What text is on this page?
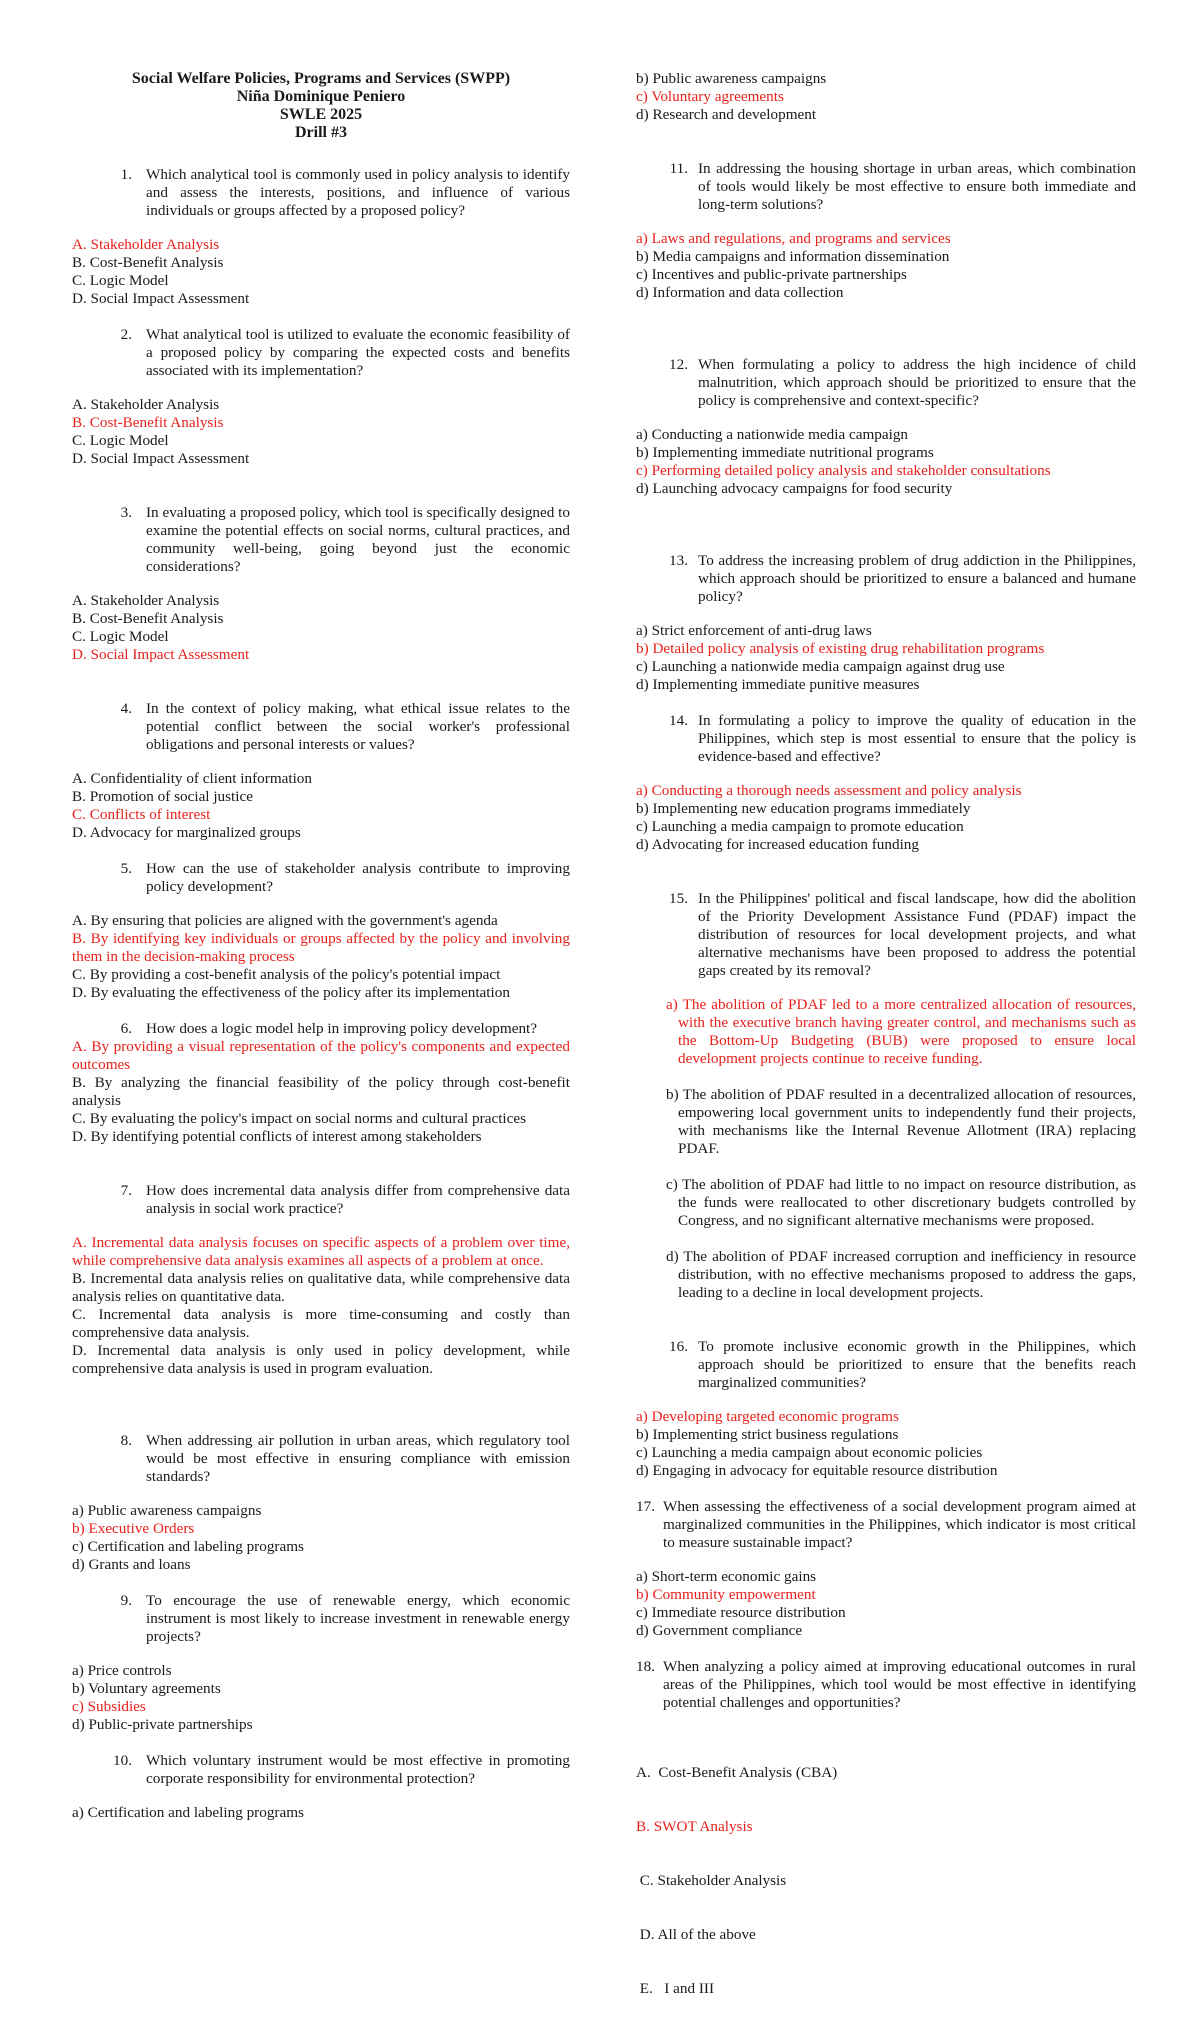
Social Welfare Policies, Programs and Services (SWPP)
Niña Dominique Peniero
SWLE 2025
Drill #3
1. Which analytical tool is commonly used in policy analysis to identify and assess the interests, positions, and influence of various individuals or groups affected by a proposed policy?
A. Stakeholder Analysis
B. Cost-Benefit Analysis
C. Logic Model
D. Social Impact Assessment
2. What analytical tool is utilized to evaluate the economic feasibility of a proposed policy by comparing the expected costs and benefits associated with its implementation?
A. Stakeholder Analysis
B. Cost-Benefit Analysis
C. Logic Model
D. Social Impact Assessment
3. In evaluating a proposed policy, which tool is specifically designed to examine the potential effects on social norms, cultural practices, and community well-being, going beyond just the economic considerations?
A. Stakeholder Analysis
B. Cost-Benefit Analysis
C. Logic Model
D. Social Impact Assessment
4. In the context of policy making, what ethical issue relates to the potential conflict between the social worker's professional obligations and personal interests or values?
A. Confidentiality of client information
B. Promotion of social justice
C. Conflicts of interest
D. Advocacy for marginalized groups
5. How can the use of stakeholder analysis contribute to improving policy development?
A. By ensuring that policies are aligned with the government's agenda
B. By identifying key individuals or groups affected by the policy and involving them in the decision-making process
C. By providing a cost-benefit analysis of the policy's potential impact
D. By evaluating the effectiveness of the policy after its implementation
6. How does a logic model help in improving policy development?
A. By providing a visual representation of the policy's components and expected outcomes
B. By analyzing the financial feasibility of the policy through cost-benefit analysis
C. By evaluating the policy's impact on social norms and cultural practices
D. By identifying potential conflicts of interest among stakeholders
7. How does incremental data analysis differ from comprehensive data analysis in social work practice?
A. Incremental data analysis focuses on specific aspects of a problem over time, while comprehensive data analysis examines all aspects of a problem at once.
B. Incremental data analysis relies on qualitative data, while comprehensive data analysis relies on quantitative data.
C. Incremental data analysis is more time-consuming and costly than comprehensive data analysis.
D. Incremental data analysis is only used in policy development, while comprehensive data analysis is used in program evaluation.
8. When addressing air pollution in urban areas, which regulatory tool would be most effective in ensuring compliance with emission standards?
a) Public awareness campaigns
b) Executive Orders
c) Certification and labeling programs
d) Grants and loans
9. To encourage the use of renewable energy, which economic instrument is most likely to increase investment in renewable energy projects?
a) Price controls
b) Voluntary agreements
c) Subsidies
d) Public-private partnerships
10. Which voluntary instrument would be most effective in promoting corporate responsibility for environmental protection?
a) Certification and labeling programs
b) Public awareness campaigns
c) Voluntary agreements
d) Research and development
11. In addressing the housing shortage in urban areas, which combination of tools would likely be most effective to ensure both immediate and long-term solutions?
a) Laws and regulations, and programs and services
b) Media campaigns and information dissemination
c) Incentives and public-private partnerships
d) Information and data collection
12. When formulating a policy to address the high incidence of child malnutrition, which approach should be prioritized to ensure that the policy is comprehensive and context-specific?
a) Conducting a nationwide media campaign
b) Implementing immediate nutritional programs
c) Performing detailed policy analysis and stakeholder consultations
d) Launching advocacy campaigns for food security
13. To address the increasing problem of drug addiction in the Philippines, which approach should be prioritized to ensure a balanced and humane policy?
a) Strict enforcement of anti-drug laws
b) Detailed policy analysis of existing drug rehabilitation programs
c) Launching a nationwide media campaign against drug use
d) Implementing immediate punitive measures
14. In formulating a policy to improve the quality of education in the Philippines, which step is most essential to ensure that the policy is evidence-based and effective?
a) Conducting a thorough needs assessment and policy analysis
b) Implementing new education programs immediately
c) Launching a media campaign to promote education
d) Advocating for increased education funding
15. In the Philippines' political and fiscal landscape, how did the abolition of the Priority Development Assistance Fund (PDAF) impact the distribution of resources for local development projects, and what alternative mechanisms have been proposed to address the potential gaps created by its removal?
a) The abolition of PDAF led to a more centralized allocation of resources, with the executive branch having greater control, and mechanisms such as the Bottom-Up Budgeting (BUB) were proposed to ensure local development projects continue to receive funding.
b) The abolition of PDAF resulted in a decentralized allocation of resources, empowering local government units to independently fund their projects, with mechanisms like the Internal Revenue Allotment (IRA) replacing PDAF.
c) The abolition of PDAF had little to no impact on resource distribution, as the funds were reallocated to other discretionary budgets controlled by Congress, and no significant alternative mechanisms were proposed.
d) The abolition of PDAF increased corruption and inefficiency in resource distribution, with no effective mechanisms proposed to address the gaps, leading to a decline in local development projects.
16. To promote inclusive economic growth in the Philippines, which approach should be prioritized to ensure that the benefits reach marginalized communities?
a) Developing targeted economic programs
b) Implementing strict business regulations
c) Launching a media campaign about economic policies
d) Engaging in advocacy for equitable resource distribution
17. When assessing the effectiveness of a social development program aimed at marginalized communities in the Philippines, which indicator is most critical to measure sustainable impact?
a) Short-term economic gains
b) Community empowerment
c) Immediate resource distribution
d) Government compliance
18. When analyzing a policy aimed at improving educational outcomes in rural areas of the Philippines, which tool would be most effective in identifying potential challenges and opportunities?

A.  Cost-Benefit Analysis (CBA)

B. SWOT Analysis

C. Stakeholder Analysis

D. All of the above

E.   I and III
